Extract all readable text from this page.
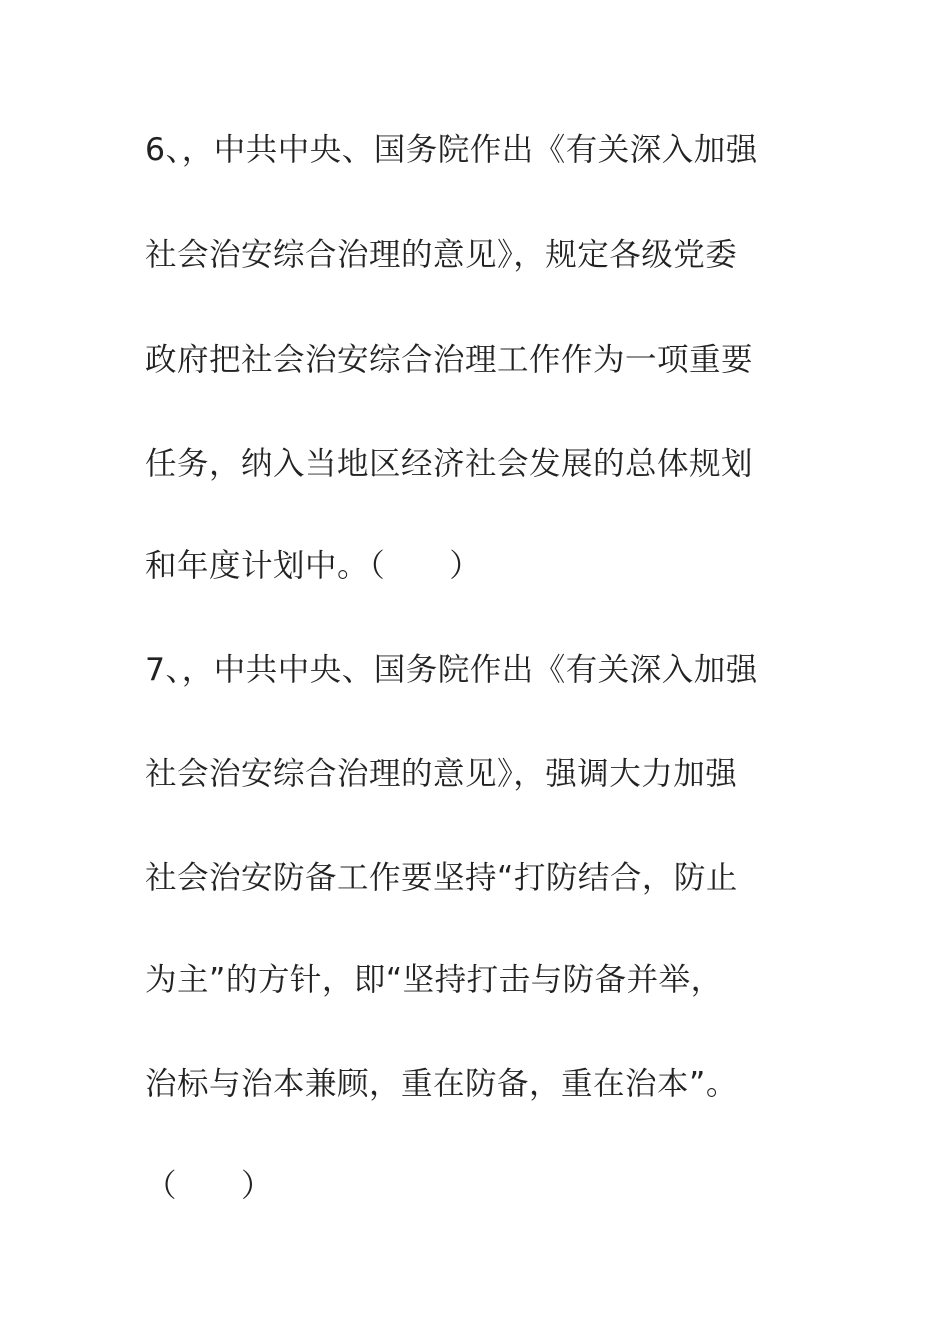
6、，中共中央、国务院作出《有关深入加强
社会治安综合治理的意见》，规定各级党委
政府把社会治安综合治理工作作为一项重要
任务，纳入当地区经济社会发展的总体规划
和年度计划中。（　　）
7、，中共中央、国务院作出《有关深入加强
社会治安综合治理的意见》，强调大力加强
社会治安防备工作要坚持“打防结合，防止
为主”的方针，即“坚持打击与防备并举，
治标与治本兼顾，重在防备，重在治本”。
（　　）
